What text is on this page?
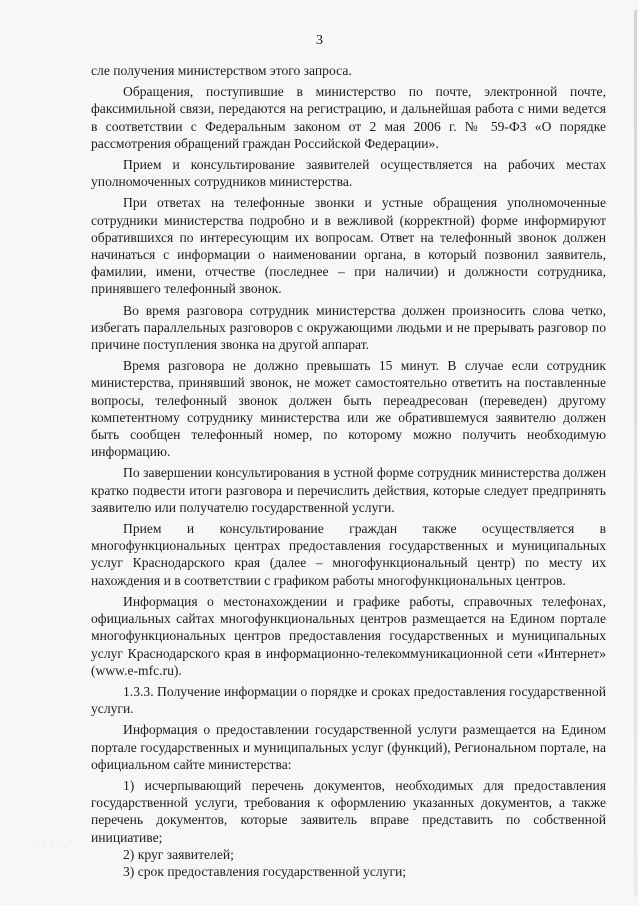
3

сле получения министерством этого запроса.

Обращения, поступившие в министерство по почте, электронной почте, факсимильной связи, передаются на регистрацию, и дальнейшая работа с ними ведется в соответствии с Федеральным законом от 2 мая 2006 г. № 59-ФЗ «О порядке рассмотрения обращений граждан Российской Федерации».

Прием и консультирование заявителей осуществляется на рабочих местах уполномоченных сотрудников министерства.

При ответах на телефонные звонки и устные обращения уполномоченные сотрудники министерства подробно и в вежливой (корректной) форме информируют обратившихся по интересующим их вопросам. Ответ на телефонный звонок должен начинаться с информации о наименовании органа, в который позвонил заявитель, фамилии, имени, отчестве (последнее – при наличии) и должности сотрудника, принявшего телефонный звонок.

Во время разговора сотрудник министерства должен произносить слова четко, избегать параллельных разговоров с окружающими людьми и не прерывать разговор по причине поступления звонка на другой аппарат.

Время разговора не должно превышать 15 минут. В случае если сотрудник министерства, принявший звонок, не может самостоятельно ответить на поставленные вопросы, телефонный звонок должен быть переадресован (переведен) другому компетентному сотруднику министерства или же обратившемуся заявителю должен быть сообщен телефонный номер, по которому можно получить необходимую информацию.

По завершении консультирования в устной форме сотрудник министерства должен кратко подвести итоги разговора и перечислить действия, которые следует предпринять заявителю или получателю государственной услуги.

Прием и консультирование граждан также осуществляется в многофункциональных центрах предоставления государственных и муниципальных услуг Краснодарского края (далее – многофункциональный центр) по месту их нахождения и в соответствии с графиком работы многофункциональных центров.

Информация о местонахождении и графике работы, справочных телефонах, официальных сайтах многофункциональных центров размещается на Едином портале многофункциональных центров предоставления государственных и муниципальных услуг Краснодарского края в информационно-телекоммуникационной сети «Интернет» (www.e-mfc.ru).

1.3.3. Получение информации о порядке и сроках предоставления государственной услуги.

Информация о предоставлении государственной услуги размещается на Едином портале государственных и муниципальных услуг (функций), Региональном портале, на официальном сайте министерства:

1) исчерпывающий перечень документов, необходимых для предоставления государственной услуги, требования к оформлению указанных документов, а также перечень документов, которые заявитель вправе представить по собственной инициативе;

2) круг заявителей;

3) срок предоставления государственной услуги;

· · · · ·
